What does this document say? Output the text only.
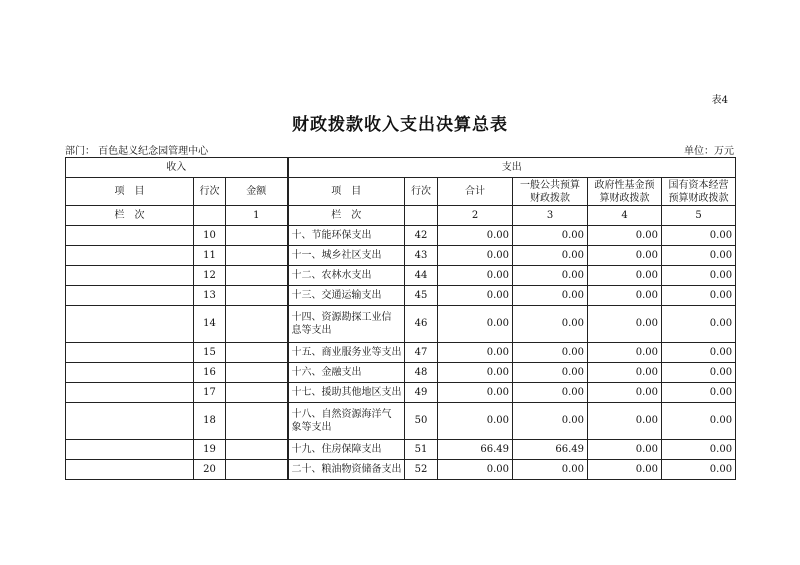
表4
财政拨款收入支出决算总表
部门： 百色起义纪念园管理中心	单位：万元
收入			支出					
项　目	行次	金额	项　目	行次	合计	一般公共预算财政拨款	政府性基金预算财政拨款	国有资本经营预算财政拨款
栏　次		1	栏　次		2	3	4	5
	10		十、节能环保支出	42	0.00	0.00	0.00	0.00
	11		十一、城乡社区支出	43	0.00	0.00	0.00	0.00
	12		十二、农林水支出	44	0.00	0.00	0.00	0.00
	13		十三、交通运输支出	45	0.00	0.00	0.00	0.00
	14		十四、资源勘探工业信息等支出	46	0.00	0.00	0.00	0.00
	15		十五、商业服务业等支出	47	0.00	0.00	0.00	0.00
	16		十六、金融支出	48	0.00	0.00	0.00	0.00
	17		十七、援助其他地区支出	49	0.00	0.00	0.00	0.00
	18		十八、自然资源海洋气象等支出	50	0.00	0.00	0.00	0.00
	19		十九、住房保障支出	51	66.49	66.49	0.00	0.00
	20		二十、粮油物资储备支出	52	0.00	0.00	0.00	0.00
